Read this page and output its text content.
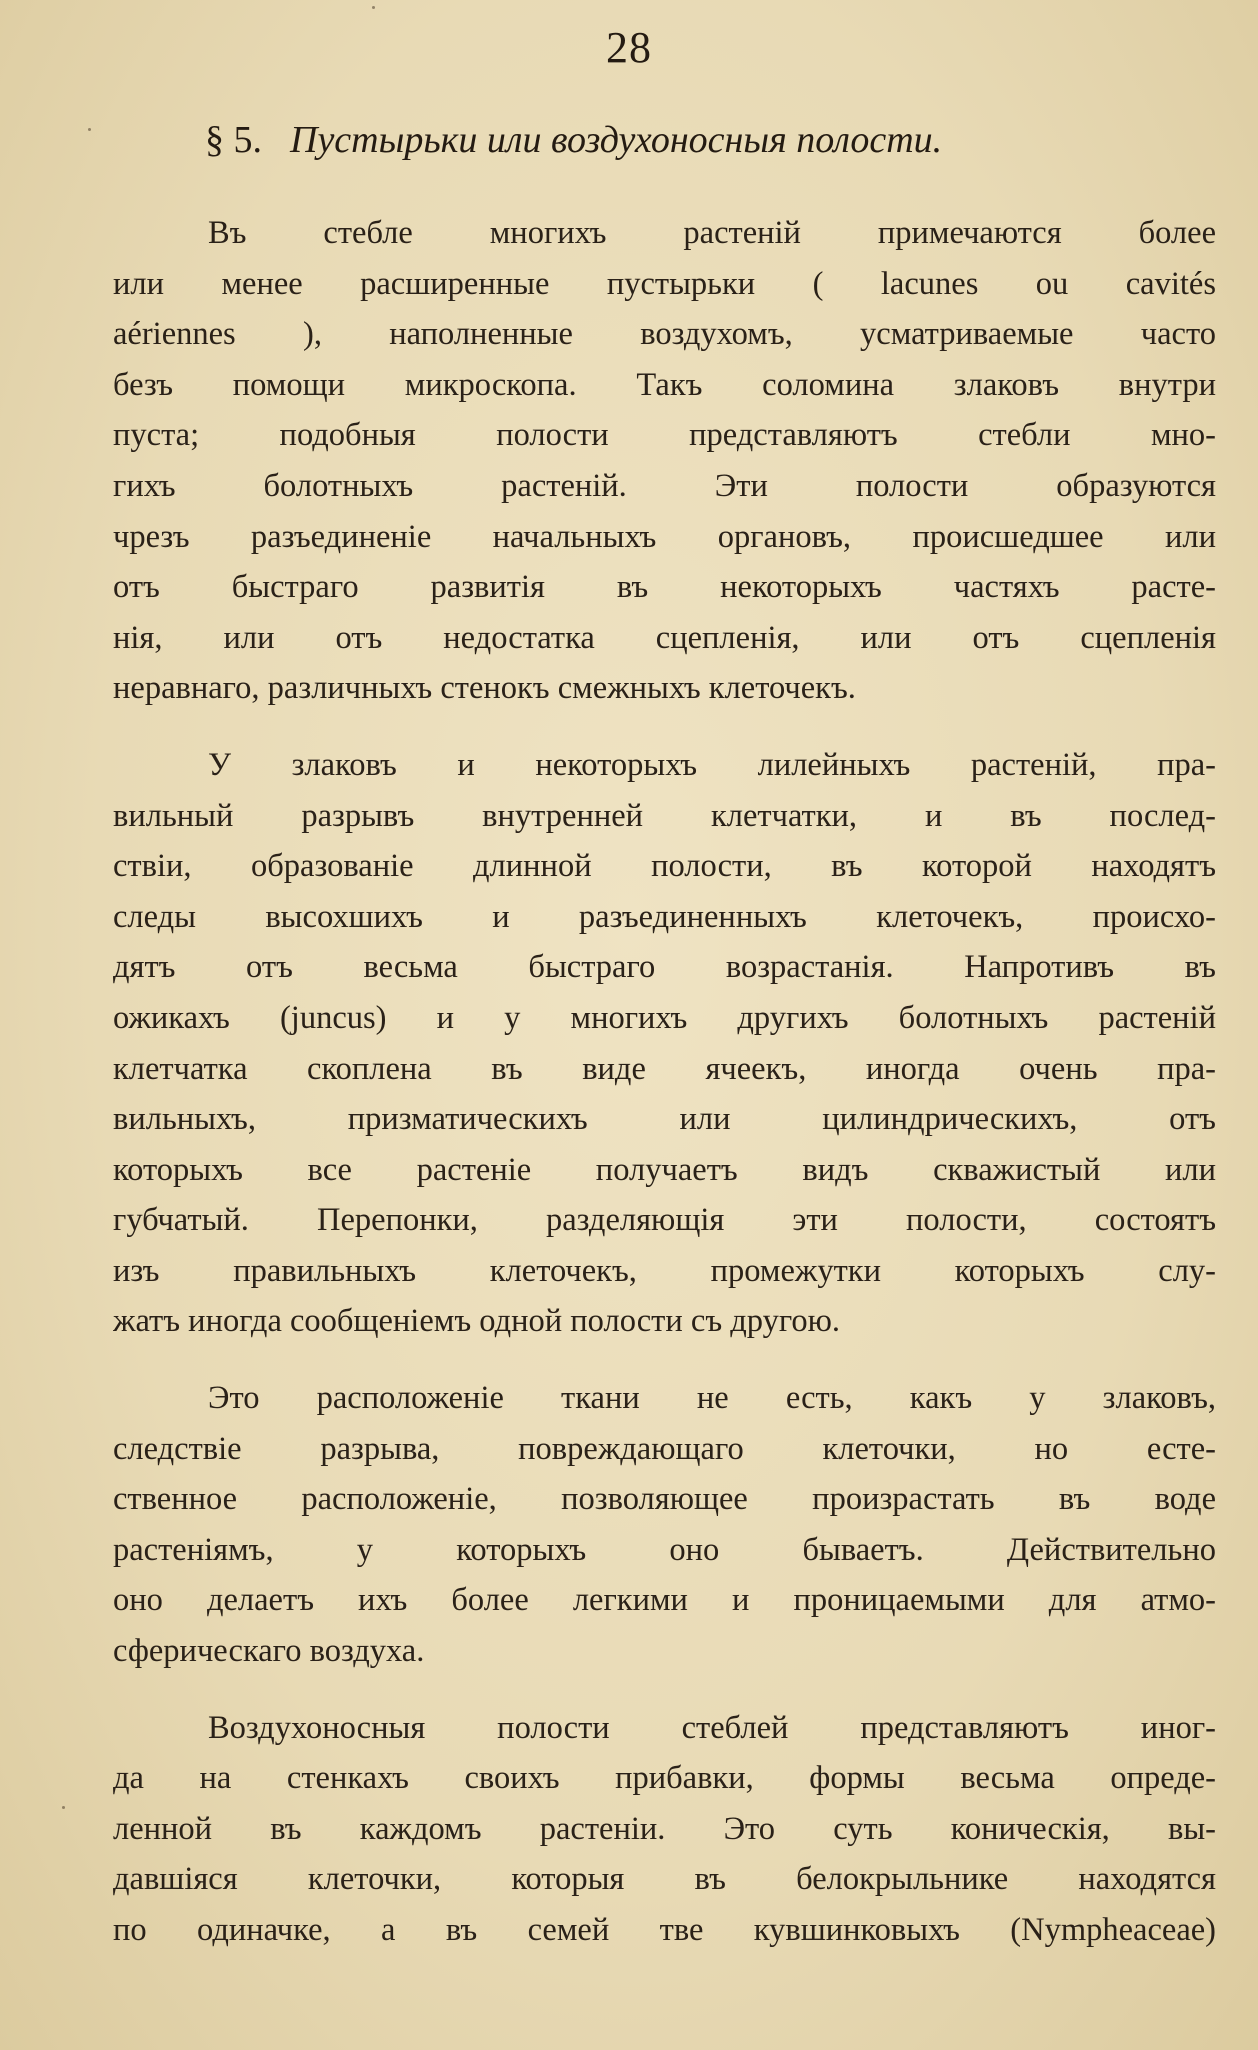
28
§ 5. Пустырьки или воздухоносныя полости.
Въ стебле многихъ растенiй примечаются более
или менее расширенные пустырьки ( lacunes ou cavités
aériennes ), наполненные воздухомъ, усматриваемые часто
безъ помощи микроскопа. Такъ соломина злаковъ внутри
пуста; подобныя полости представляютъ стебли мно-
гихъ болотныхъ растенiй. Эти полости образуются
чрезъ разъединенiе начальныхъ органовъ, происшедшее или
отъ быстраго развитiя въ некоторыхъ частяхъ расте-
нiя, или отъ недостатка сцепленiя, или отъ сцепленiя
неравнаго, различныхъ стенокъ смежныхъ клеточекъ.
У злаковъ и некоторыхъ лилейныхъ растенiй, пра-
вильный разрывъ внутренней клетчатки, и въ послед-
ствiи, образованiе длинной полости, въ которой находятъ
следы высохшихъ и разъединенныхъ клеточекъ, происхо-
дятъ отъ весьма быстраго возрастанiя. Напротивъ въ
ожикахъ (juncus) и у многихъ другихъ болотныхъ растенiй
клетчатка скоплена въ виде ячеекъ, иногда очень пра-
вильныхъ, призматическихъ или цилиндрическихъ, отъ
которыхъ все растенiе получаетъ видъ скважистый или
губчатый. Перепонки, разделяющiя эти полости, состоятъ
изъ правильныхъ клеточекъ, промежутки которыхъ слу-
жатъ иногда сообщенiемъ одной полости съ другою.
Это расположенiе ткани не есть, какъ у злаковъ,
следствiе разрыва, повреждающаго клеточки, но есте-
ственное расположенiе, позволяющее произрастать въ воде
растенiямъ, у которыхъ оно бываетъ. Действительно
оно делаетъ ихъ более легкими и проницаемыми для атмо-
сферическаго воздуха.
Воздухоносныя полости стеблей представляютъ иног-
да на стенкахъ своихъ прибавки, формы весьма опреде-
ленной въ каждомъ растенiи. Это суть коническiя, вы-
давшiяся клеточки, которыя въ белокрыльнике находятся
по одиначке, а въ семей тве кувшинковыхъ (Nympheaceae)
